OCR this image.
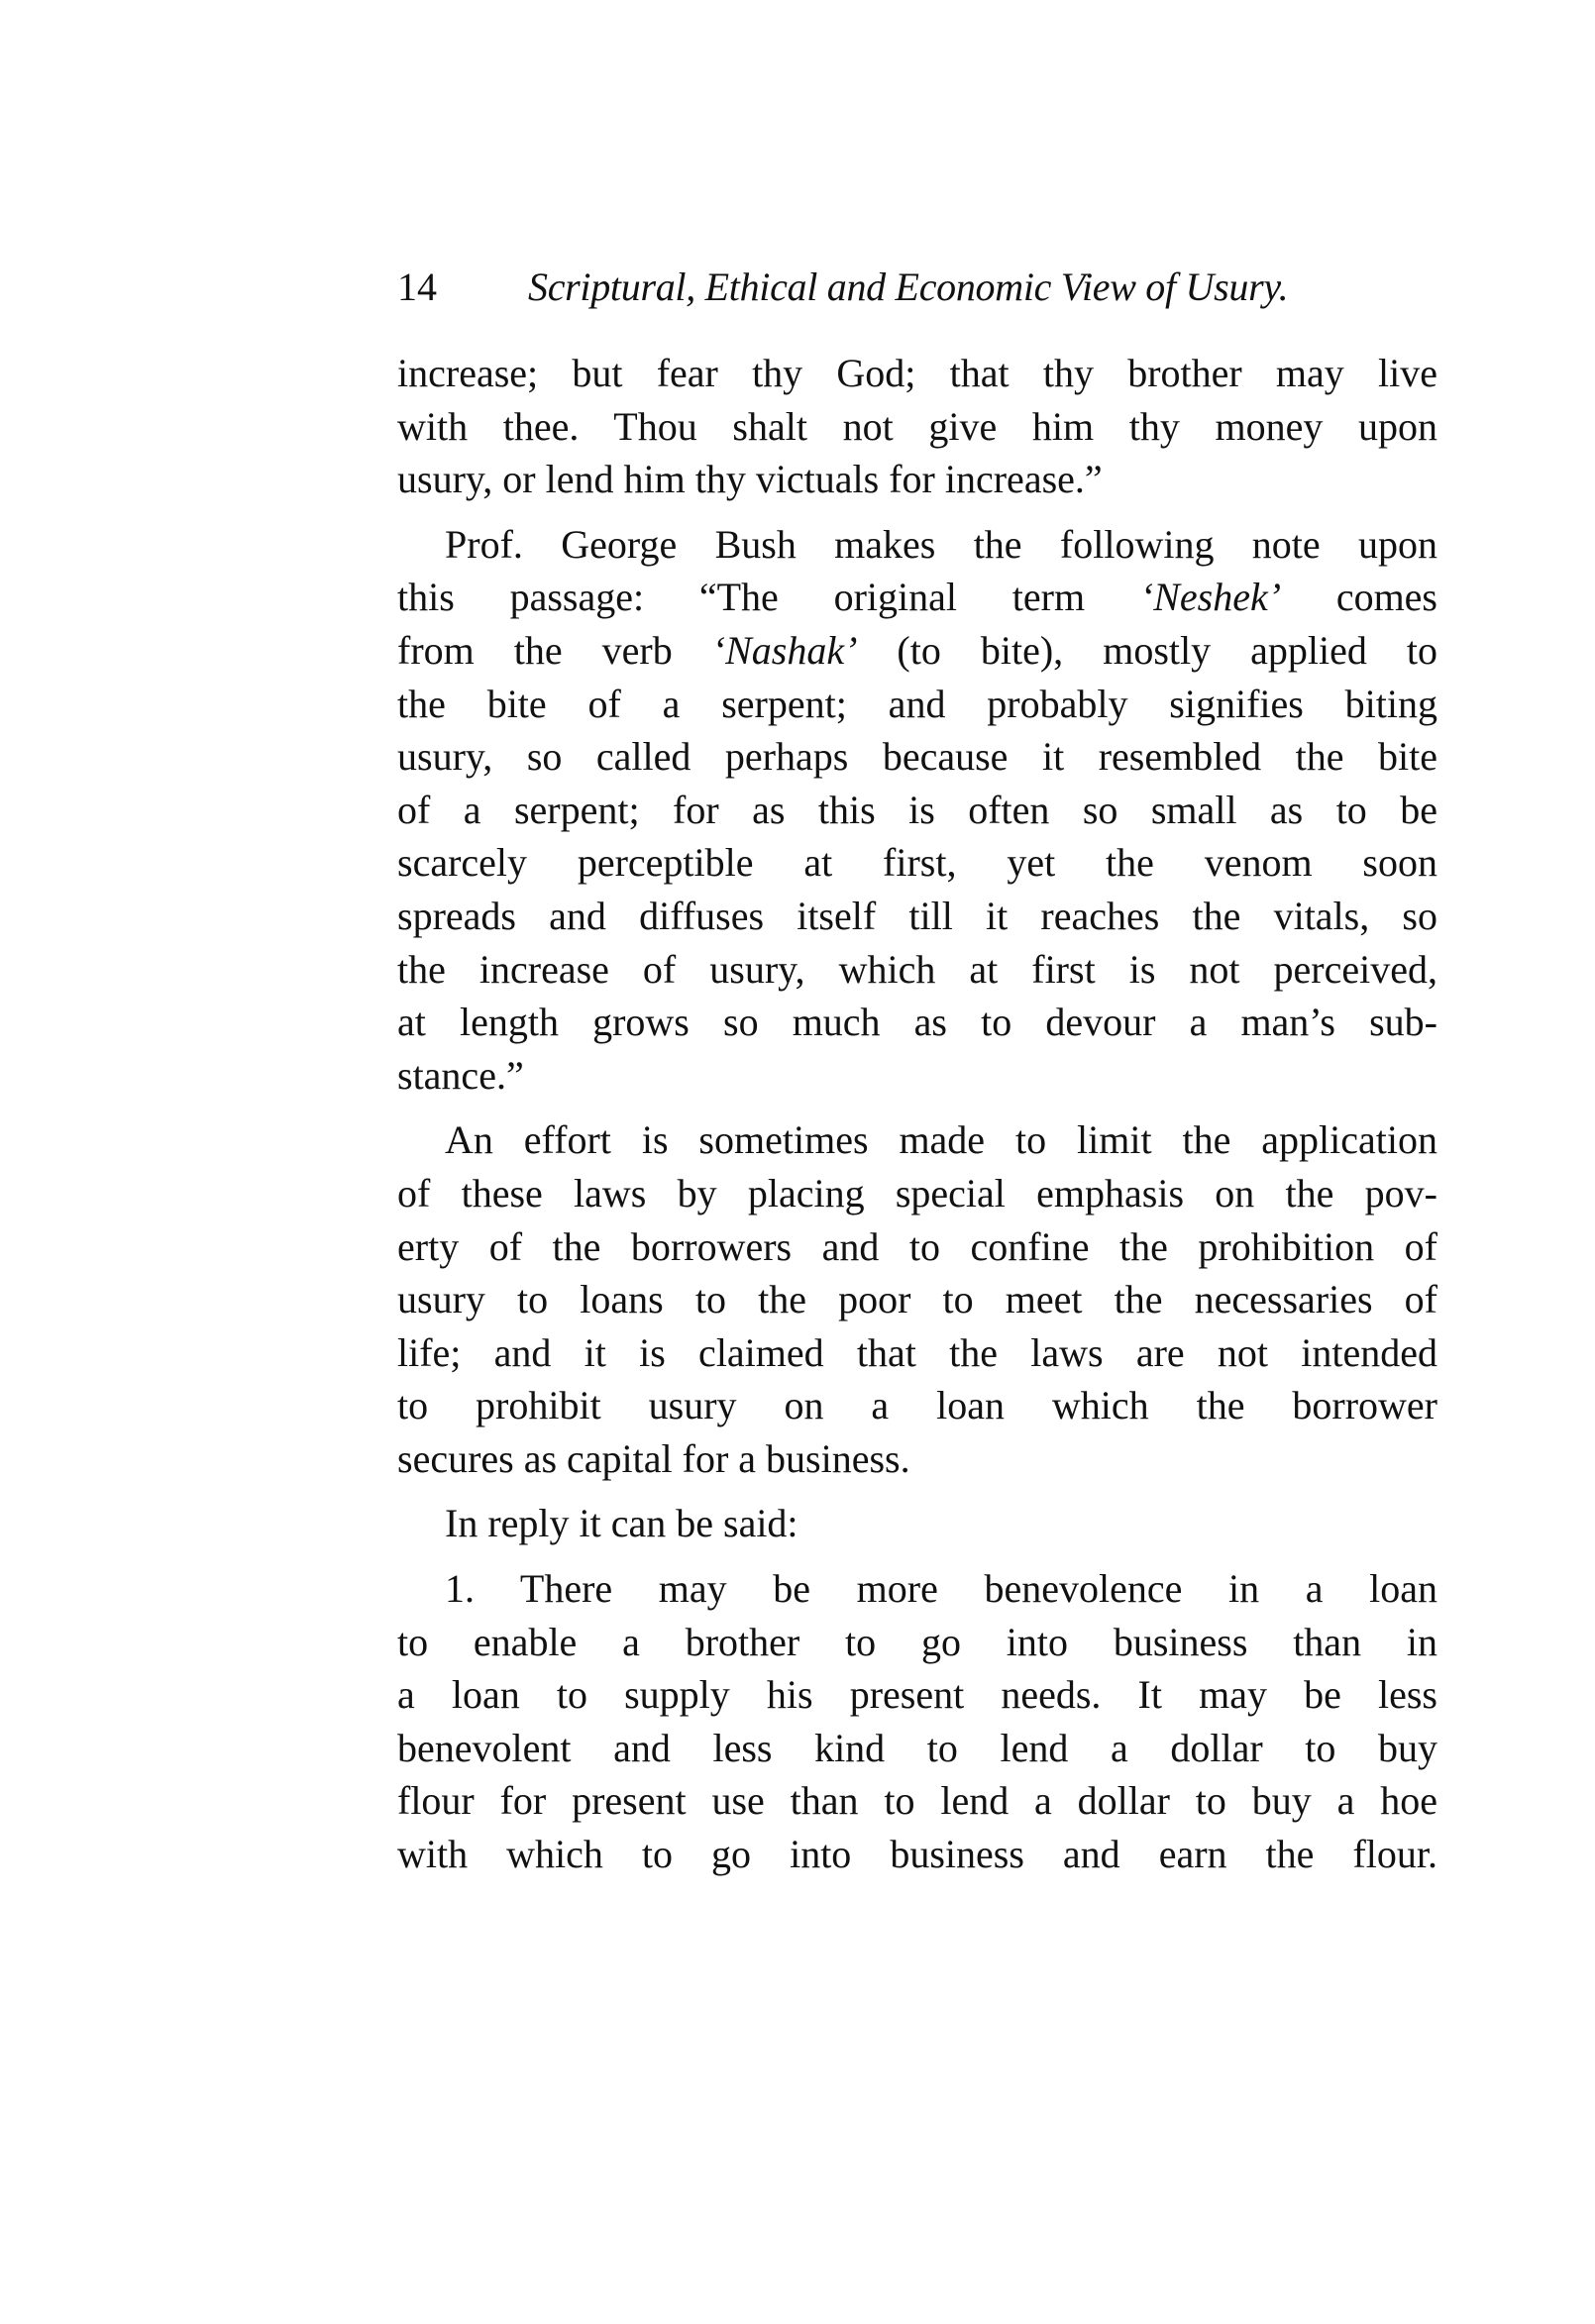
14 Scriptural, Ethical and Economic View of Usury.
increase; but fear thy God; that thy brother may live
with thee. Thou shalt not give him thy money upon
usury, or lend him thy victuals for increase.”
Prof. George Bush makes the following note upon
this passage: “The original term ‘Neshek’ comes
from the verb ‘Nashak’ (to bite), mostly applied to
the bite of a serpent; and probably signifies biting
usury, so called perhaps because it resembled the bite
of a serpent; for as this is often so small as to be
scarcely perceptible at first, yet the venom soon
spreads and diffuses itself till it reaches the vitals, so
the increase of usury, which at first is not perceived,
at length grows so much as to devour a man’s sub-
stance.”
An effort is sometimes made to limit the application
of these laws by placing special emphasis on the pov-
erty of the borrowers and to confine the prohibition of
usury to loans to the poor to meet the necessaries of
life; and it is claimed that the laws are not intended
to prohibit usury on a loan which the borrower
secures as capital for a business.
In reply it can be said:
1. There may be more benevolence in a loan
to enable a brother to go into business than in
a loan to supply his present needs. It may be less
benevolent and less kind to lend a dollar to buy
flour for present use than to lend a dollar to buy a hoe
with which to go into business and earn the flour.
